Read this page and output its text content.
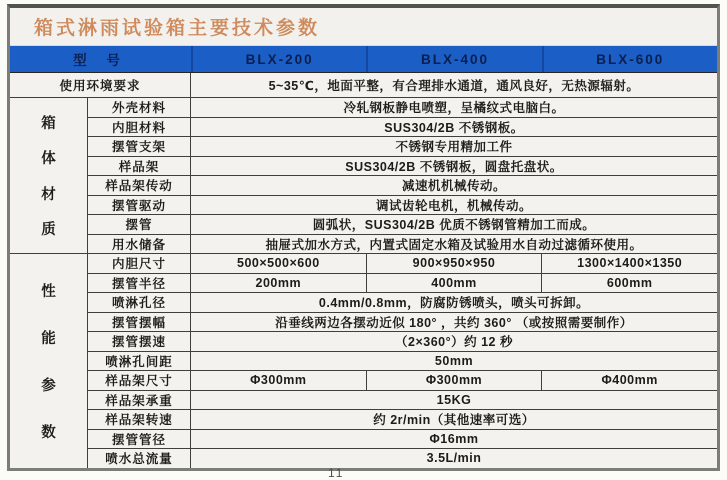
箱式淋雨试验箱主要技术参数
型 号	BLX-200	BLX-400	BLX-600
使用环境要求	5~35℃，地面平整，有合理排水通道，通风良好，无热源辐射。
箱
体
材
质
外壳材料	冷轧钢板静电喷塑，呈橘纹式电脑白。
内胆材料	SUS304/2B 不锈钢板。
摆管支架	不锈钢专用精加工件
样品架	SUS304/2B 不锈钢板，圆盘托盘状。
样品架传动	减速机机械传动。
摆管驱动	调试齿轮电机，机械传动。
摆管	圆弧状，SUS304/2B 优质不锈钢管精加工而成。
用水储备	抽屉式加水方式，内置式固定水箱及试验用水自动过滤循环使用。
性
能
参
数
内胆尺寸	500×500×600	900×950×950	1300×1400×1350
摆管半径	200mm	400mm	600mm
喷淋孔径	0.4mm/0.8mm，防腐防锈喷头，喷头可拆卸。
摆管摆幅	沿垂线两边各摆动近似 180° ，共约 360° （或按照需要制作）
摆管摆速	（2×360°）约 12 秒
喷淋孔间距	50mm
样品架尺寸	Φ300mm	Φ300mm	Φ400mm
样品架承重	15KG
样品架转速	约 2r/min（其他速率可选）
摆管管径	Φ16mm
喷水总流量	3.5L/min
11
